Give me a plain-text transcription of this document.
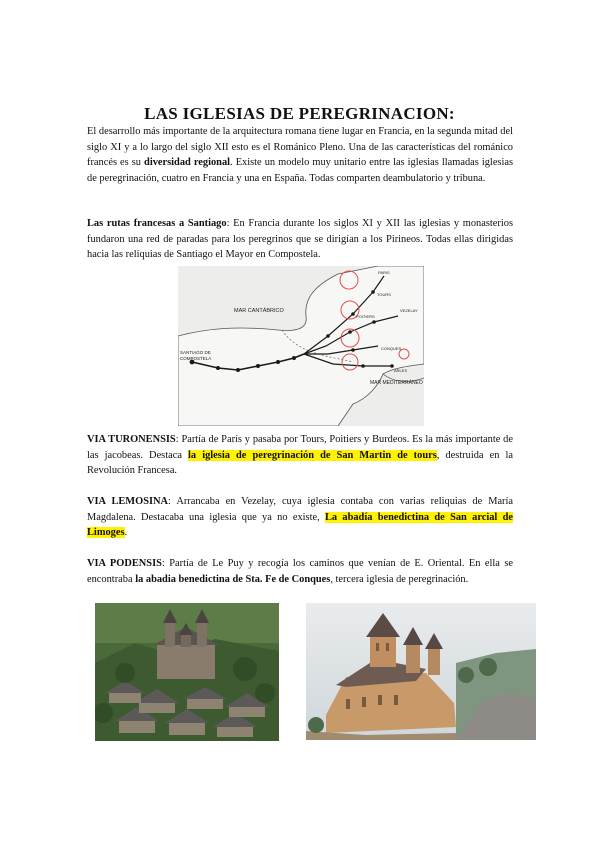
LAS IGLESIAS DE PEREGRINACION:

El desarrollo más importante de la arquitectura romana tiene lugar en Francia, en la segunda mitad del siglo XI y a lo largo del siglo XII esto es el Románico Pleno. Una de las características del románico francés es su diversidad regional. Existe un modelo muy unitario entre las iglesias llamadas iglesias de peregrinación, cuatro en Francia y una en España. Todas comparten deambulatorio y tribuna.

Las rutas francesas a Santiago: En Francia durante los siglos XI y XII las iglesias y monasterios fundaron una red de paradas para los peregrinos que se dirigían a los Pirineos. Todas ellas dirigidas hacia las reliquias de Santiago el Mayor en Compostela.

MAR CANTÁBRICO
MAR MEDITERRÁNEO
SANTIAGO DE
COMPOSTELA
PARIS
TOURS
POITIERS
VEZELAY
CONQUES
ARLES

VIA TURONENSIS: Partía de París y pasaba por Tours, Poitiers y Burdeos. Es la más importante de las jacobeas. Destaca la iglesia de peregrinación de San Martin de tours, destruida en la Revolución Francesa.

VIA LEMOSINA: Arrancaba en Vezelay, cuya iglesia contaba con varias reliquias de María Magdalena. Destacaba una iglesia que ya no existe, La abadía benedictina de San arcial de Limoges.

VIA PODENSIS: Partía de Le Puy y recogía los caminos que venían de E. Oriental. En ella se encontraba la abadia benedictina de Sta. Fe de Conques, tercera iglesia de peregrinación.
